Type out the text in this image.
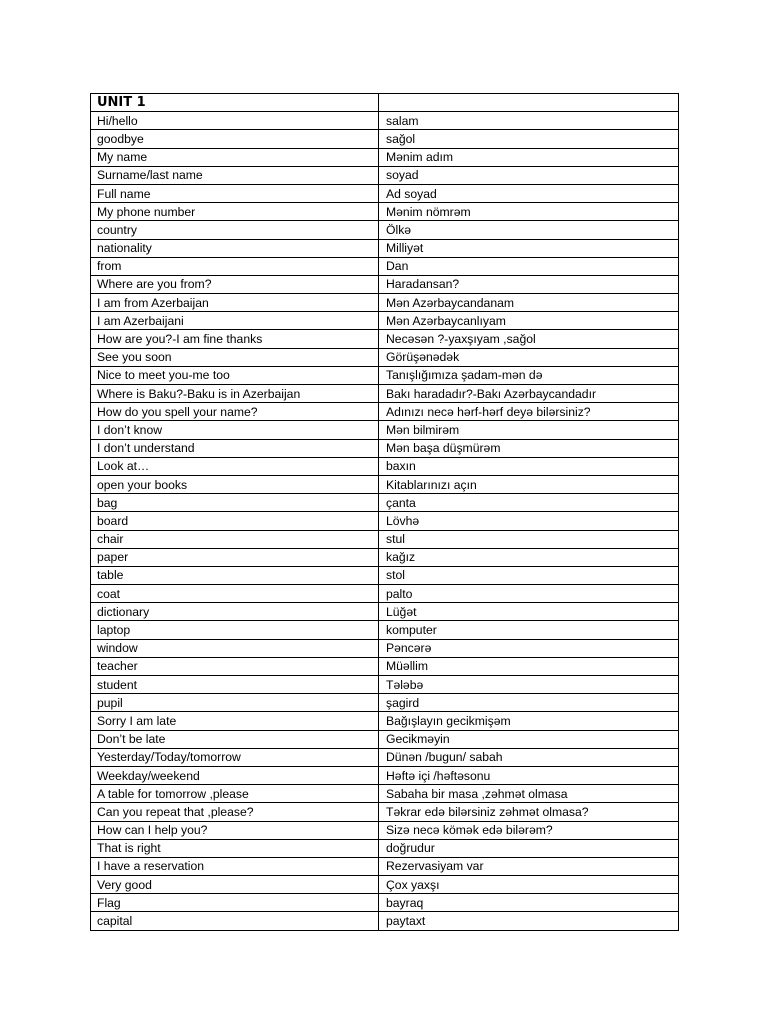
UNIT 1	
Hi/hello	salam
goodbye	sağol
My name	Mənim adım
Surname/last name	soyad
Full name	Ad soyad
My phone number	Mənim nömrəm
country	Ölkə
nationality	Milliyət
from	Dan
Where are you from?	Haradansan?
I am from Azerbaijan	Mən Azərbaycandanam
I am Azerbaijani	Mən Azərbaycanlıyam
How are you?-I am fine thanks	Necəsən ?-yaxşıyam ,sağol
See you soon	Görüşənədək
Nice to meet you-me too	Tanışlığımıza şadam-mən də
Where is Baku?-Baku is in Azerbaijan	Bakı haradadır?-Bakı Azərbaycandadır
How do you spell your name?	Adınızı necə hərf-hərf deyə bilərsiniz?
I don’t know	Mən bilmirəm
I don’t understand	Mən başa düşmürəm
Look at…	baxın
open your books	Kitablarınızı açın
bag	çanta
board	Lövhə
chair	stul
paper	kağız
table	stol
coat	palto
dictionary	Lüğət
laptop	komputer
window	Pəncərə
teacher	Müəllim
student	Tələbə
pupil	şagird
Sorry I am late	Bağışlayın gecikmişəm
Don’t be late	Gecikməyin
Yesterday/Today/tomorrow	Dünən /bugun/ sabah
Weekday/weekend	Həftə içi /həftəsonu
A table for tomorrow ,please	Sabaha bir masa ,zəhmət olmasa
Can you repeat that ,please?	Təkrar edə bilərsiniz zəhmət olmasa?
How can I help you?	Sizə necə kömək edə bilərəm?
That is right	doğrudur
I have a reservation	Rezervasiyam var
Very good	Çox yaxşı
Flag	bayraq
capital	paytaxt
